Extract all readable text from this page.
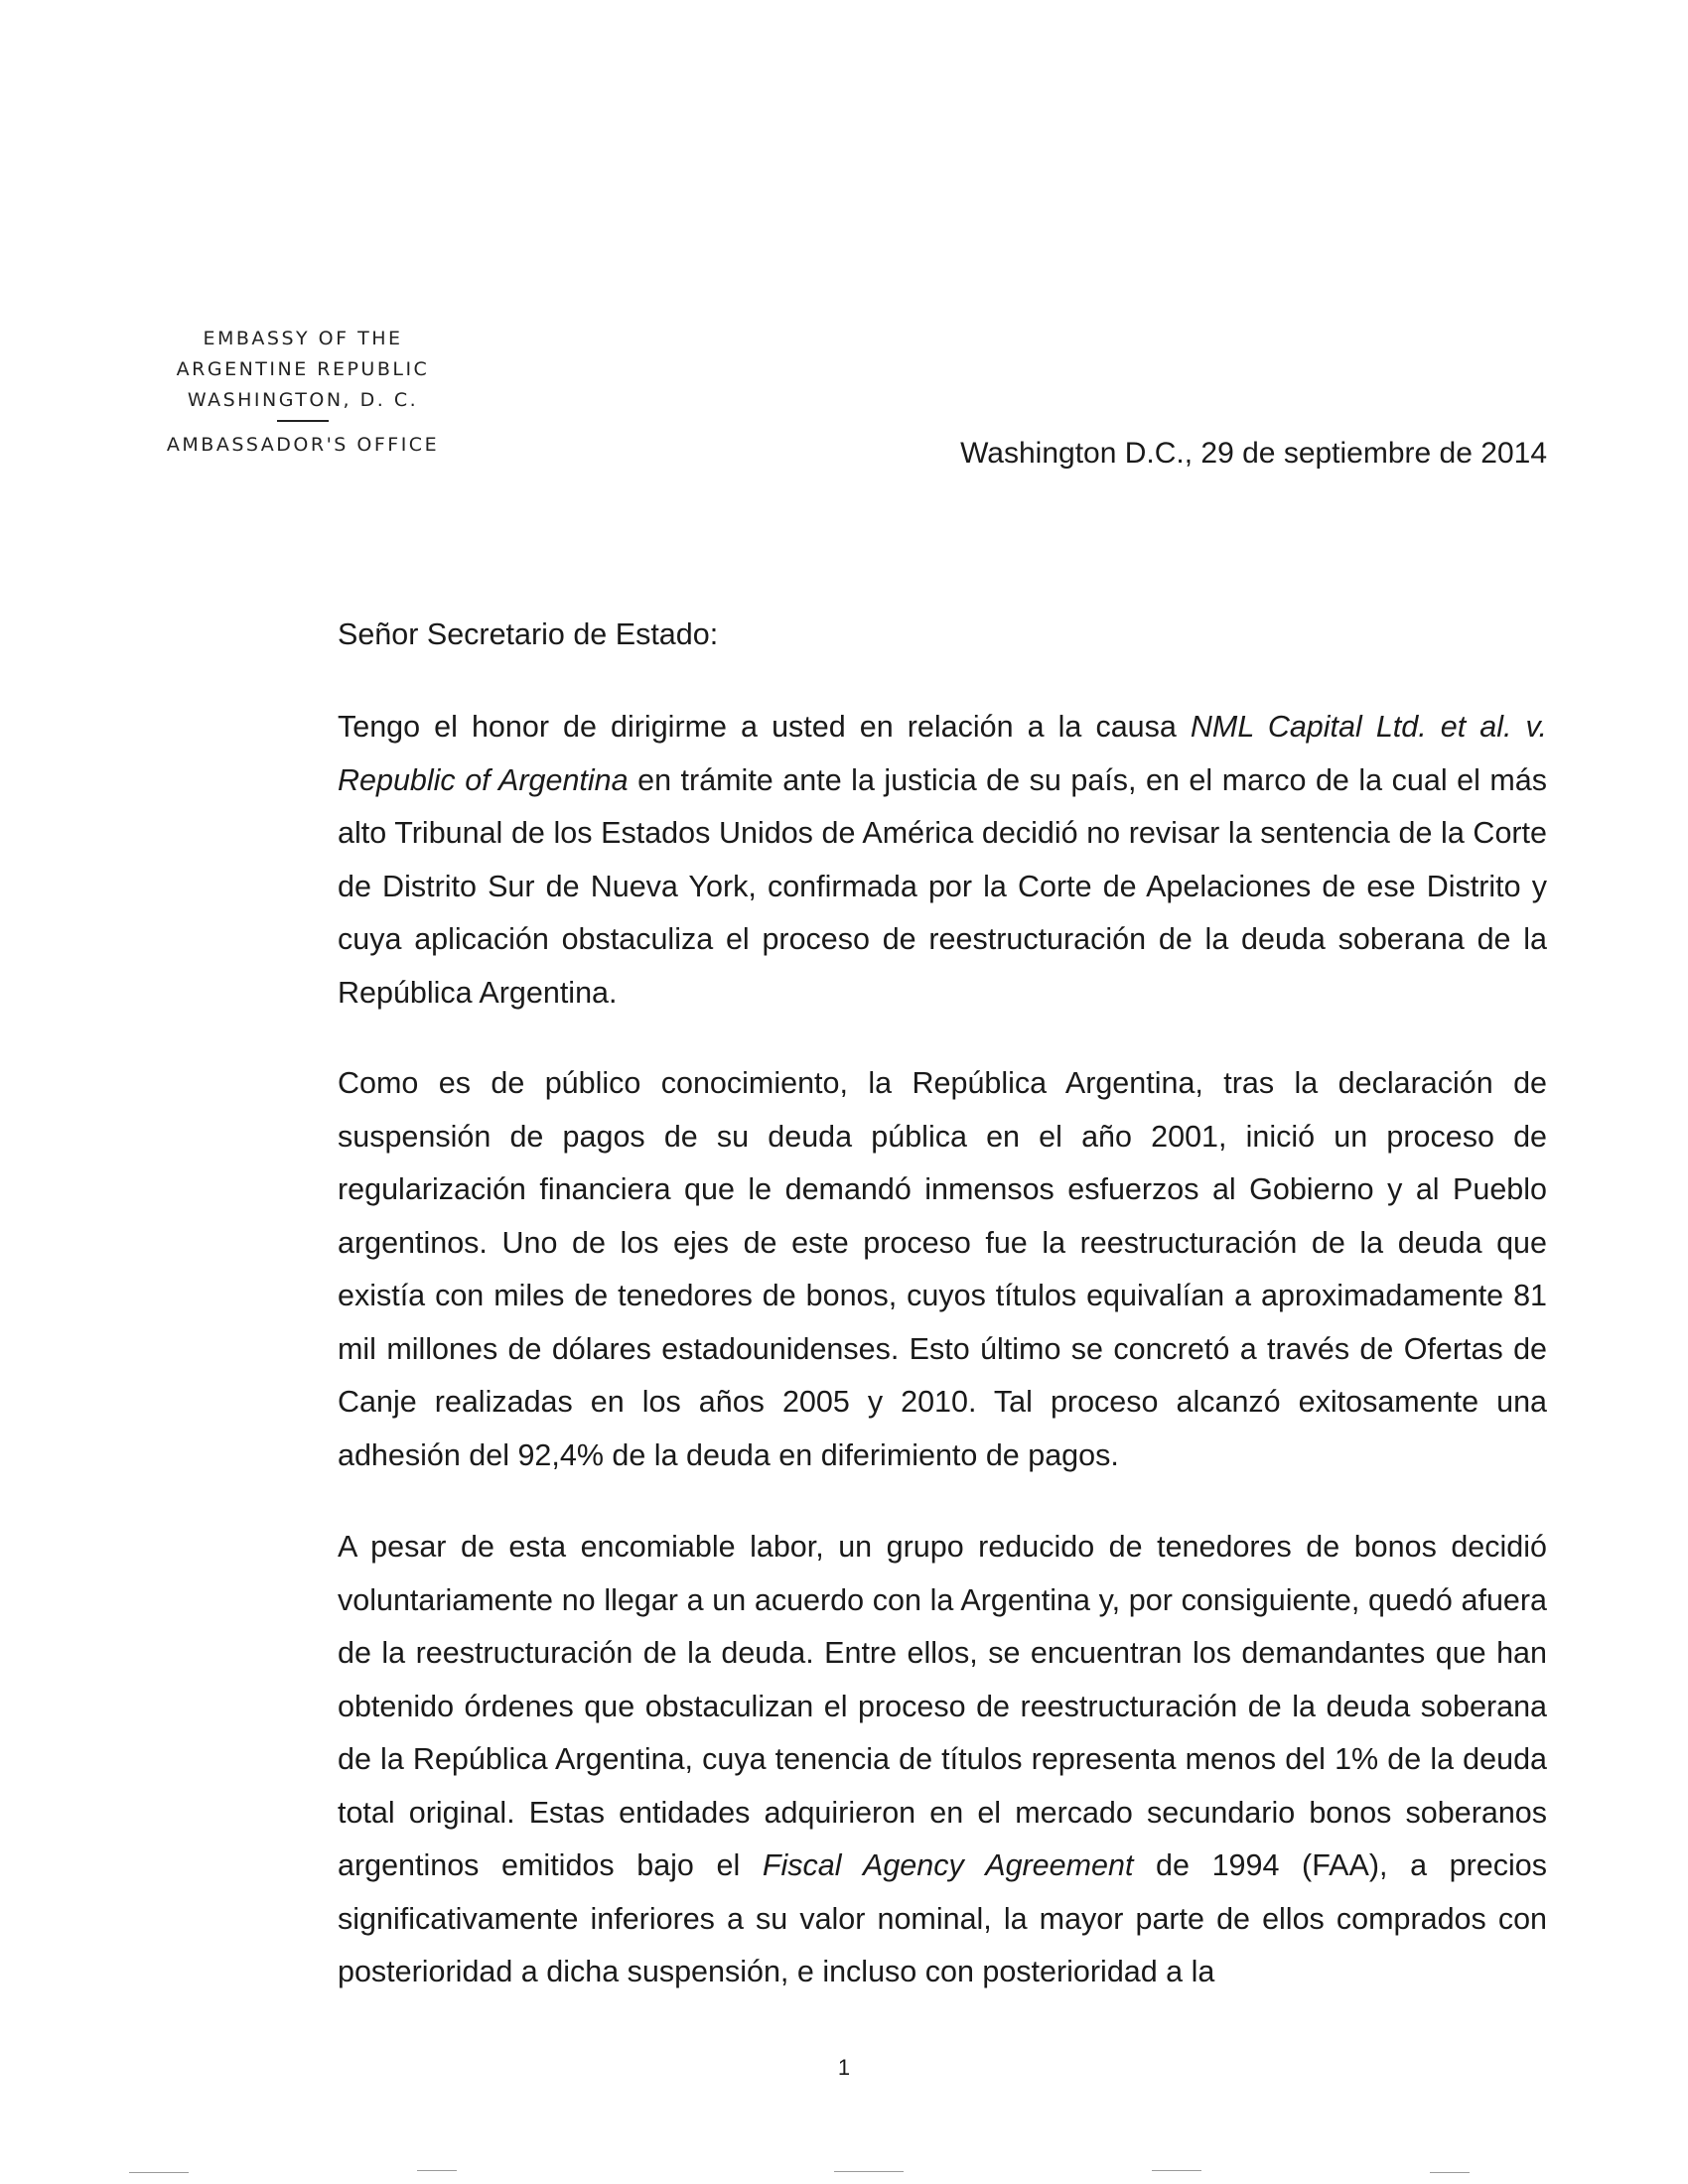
EMBASSY OF THE
ARGENTINE REPUBLIC
WASHINGTON, D. C.
AMBASSADOR'S OFFICE	Washington D.C., 29 de septiembre de 2014
Señor Secretario de Estado:

Tengo el honor de dirigirme a usted en relación a la causa NML Capital Ltd. et al. v. Republic of Argentina en trámite ante la justicia de su país, en el marco de la cual el más alto Tribunal de los Estados Unidos de América decidió no revisar la sentencia de la Corte de Distrito Sur de Nueva York, confirmada por la Corte de Apelaciones de ese Distrito y cuya aplicación obstaculiza el proceso de reestructuración de la deuda soberana de la República Argentina.

Como es de público conocimiento, la República Argentina, tras la declaración de suspensión de pagos de su deuda pública en el año 2001, inició un proceso de regularización financiera que le demandó inmensos esfuerzos al Gobierno y al Pueblo argentinos. Uno de los ejes de este proceso fue la reestructuración de la deuda que existía con miles de tenedores de bonos, cuyos títulos equivalían a aproximadamente 81 mil millones de dólares estadounidenses. Esto último se concretó a través de Ofertas de Canje realizadas en los años 2005 y 2010. Tal proceso alcanzó exitosamente una adhesión del 92,4% de la deuda en diferimiento de pagos.

A pesar de esta encomiable labor, un grupo reducido de tenedores de bonos decidió voluntariamente no llegar a un acuerdo con la Argentina y, por consiguiente, quedó afuera de la reestructuración de la deuda. Entre ellos, se encuentran los demandantes que han obtenido órdenes que obstaculizan el proceso de reestructuración de la deuda soberana de la República Argentina, cuya tenencia de títulos representa menos del 1% de la deuda total original. Estas entidades adquirieron en el mercado secundario bonos soberanos argentinos emitidos bajo el Fiscal Agency Agreement de 1994 (FAA), a precios significativamente inferiores a su valor nominal, la mayor parte de ellos comprados con posterioridad a dicha suspensión, e incluso con posterioridad a la

1
